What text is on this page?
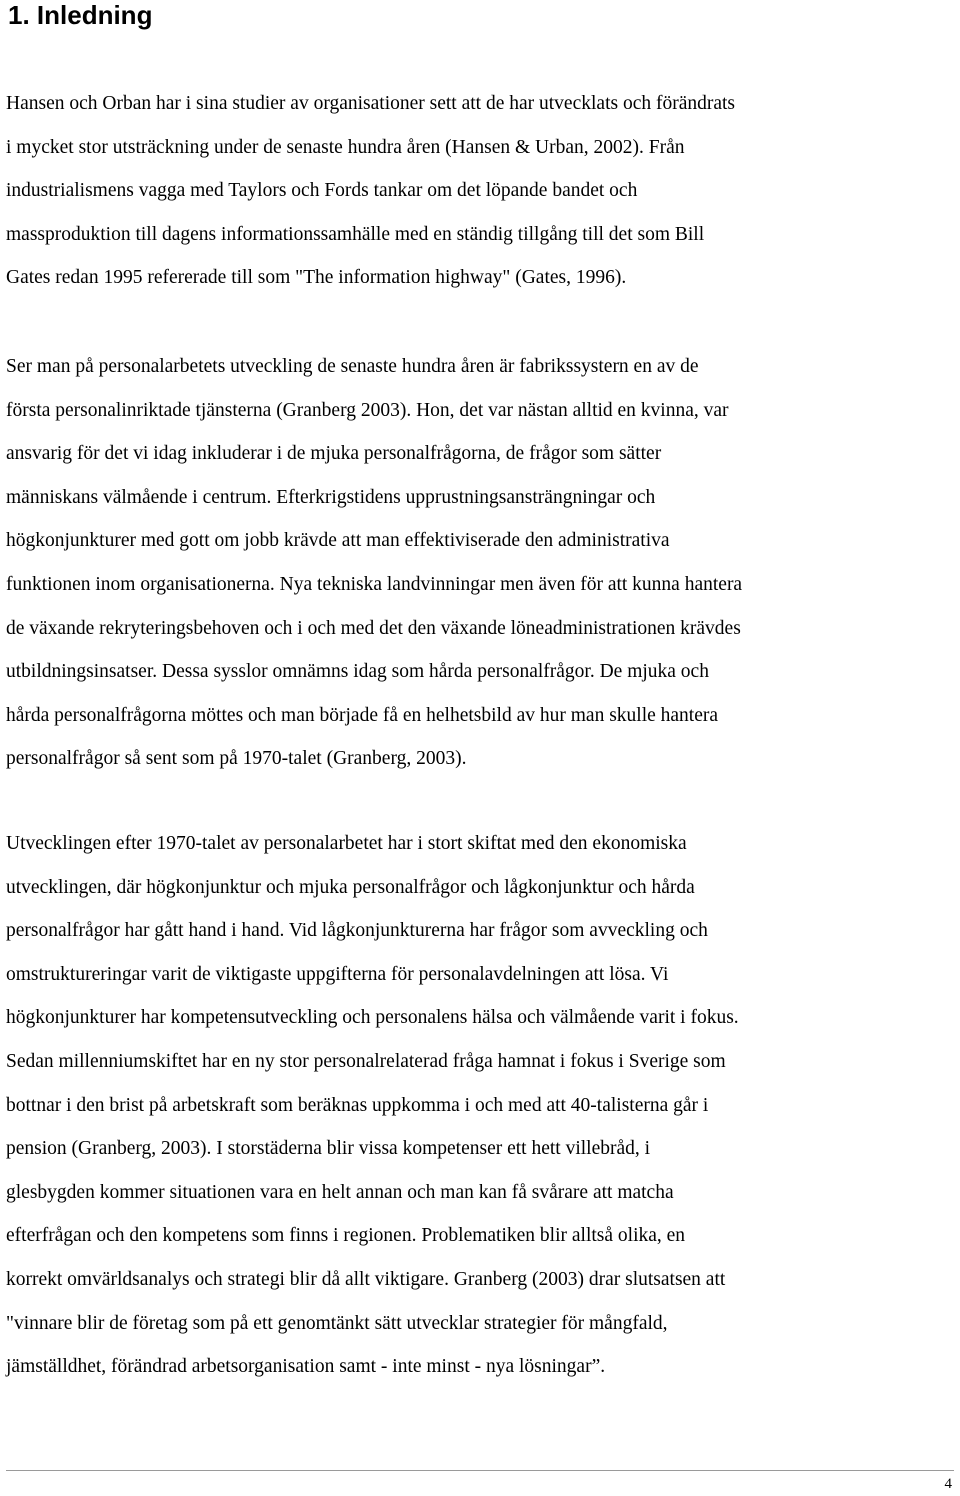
1. Inledning
Hansen och Orban har i sina studier av organisationer sett att de har utvecklats och förändrats
i mycket stor utsträckning under de senaste hundra åren (Hansen & Urban, 2002). Från
industrialismens vagga med Taylors och Fords tankar om det löpande bandet och
massproduktion till dagens informationssamhälle med en ständig tillgång till det som Bill
Gates redan 1995 refererade till som "The information highway" (Gates, 1996).
Ser man på personalarbetets utveckling de senaste hundra åren är fabrikssystern en av de
första personalinriktade tjänsterna (Granberg 2003). Hon, det var nästan alltid en kvinna, var
ansvarig för det vi idag inkluderar i de mjuka personalfrågorna, de frågor som sätter
människans välmående i centrum. Efterkrigstidens upprustningsansträngningar och
högkonjunkturer med gott om jobb krävde att man effektiviserade den administrativa
funktionen inom organisationerna. Nya tekniska landvinningar men även för att kunna hantera
de växande rekryteringsbehoven och i och med det den växande löneadministrationen krävdes
utbildningsinsatser. Dessa sysslor omnämns idag som hårda personalfrågor. De mjuka och
hårda personalfrågorna möttes och man började få en helhetsbild av hur man skulle hantera
personalfrågor så sent som på 1970-talet (Granberg, 2003).
Utvecklingen efter 1970-talet av personalarbetet har i stort skiftat med den ekonomiska
utvecklingen, där högkonjunktur och mjuka personalfrågor och lågkonjunktur och hårda
personalfrågor har gått hand i hand. Vid lågkonjunkturerna har frågor som avveckling och
omstruktureringar varit de viktigaste uppgifterna för personalavdelningen att lösa. Vi
högkonjunkturer har kompetensutveckling och personalens hälsa och välmående varit i fokus.
Sedan millenniumskiftet har en ny stor personalrelaterad fråga hamnat i fokus i Sverige som
bottnar i den brist på arbetskraft som beräknas uppkomma i och med att 40-talisterna går i
pension (Granberg, 2003). I storstäderna blir vissa kompetenser ett hett villebråd, i
glesbygden kommer situationen vara en helt annan och man kan få svårare att matcha
efterfrågan och den kompetens som finns i regionen. Problematiken blir alltså olika, en
korrekt omvärldsanalys och strategi blir då allt viktigare. Granberg (2003) drar slutsatsen att
"vinnare blir de företag som på ett genomtänkt sätt utvecklar strategier för mångfald,
jämställdhet, förändrad arbetsorganisation samt - inte minst - nya lösningar”.
4
